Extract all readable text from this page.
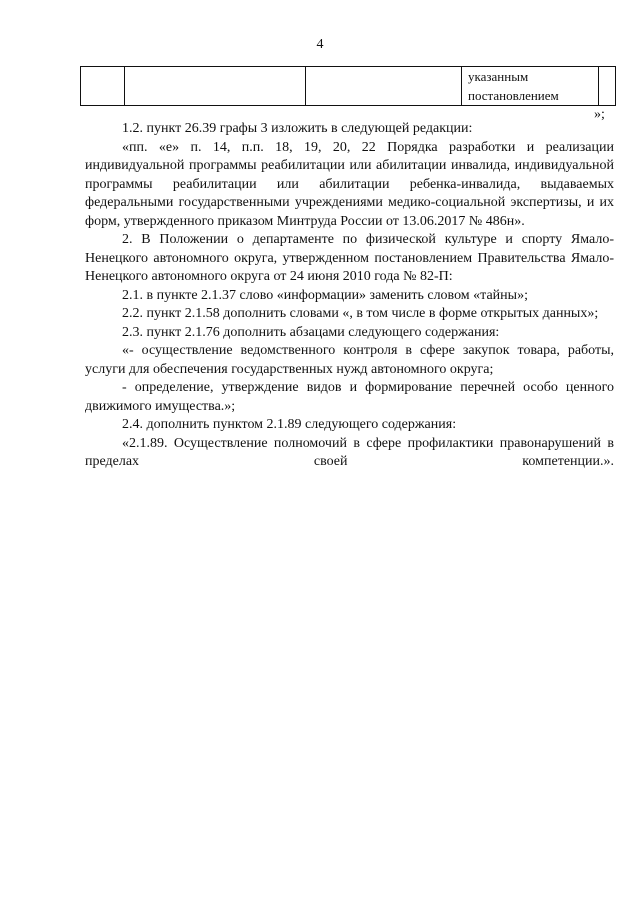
4

указанным
постановлением

»;

1.2. пункт 26.39 графы 3 изложить в следующей редакции:

«пп. «е» п. 14, п.п. 18, 19, 20, 22 Порядка разработки и реализации индивидуальной программы реабилитации или абилитации инвалида, индивидуальной программы реабилитации или абилитации ребенка-инвалида, выдаваемых федеральными государственными учреждениями медико-социальной экспертизы, и их форм, утвержденного приказом Минтруда России от 13.06.2017 № 486н».

2. В Положении о департаменте по физической культуре и спорту Ямало-Ненецкого автономного округа, утвержденном постановлением Правительства Ямало-Ненецкого автономного округа от 24 июня 2010 года № 82-П:

2.1. в пункте 2.1.37 слово «информации» заменить словом «тайны»;

2.2. пункт 2.1.58 дополнить словами «, в том числе в форме открытых данных»;

2.3. пункт 2.1.76 дополнить абзацами следующего содержания:

«- осуществление ведомственного контроля в сфере закупок товара, работы, услуги для обеспечения государственных нужд автономного округа;

- определение, утверждение видов и формирование перечней особо ценного движимого имущества.»;

2.4. дополнить пунктом 2.1.89 следующего содержания:

«2.1.89. Осуществление полномочий в сфере профилактики правонарушений в пределах своей компетенции.».
